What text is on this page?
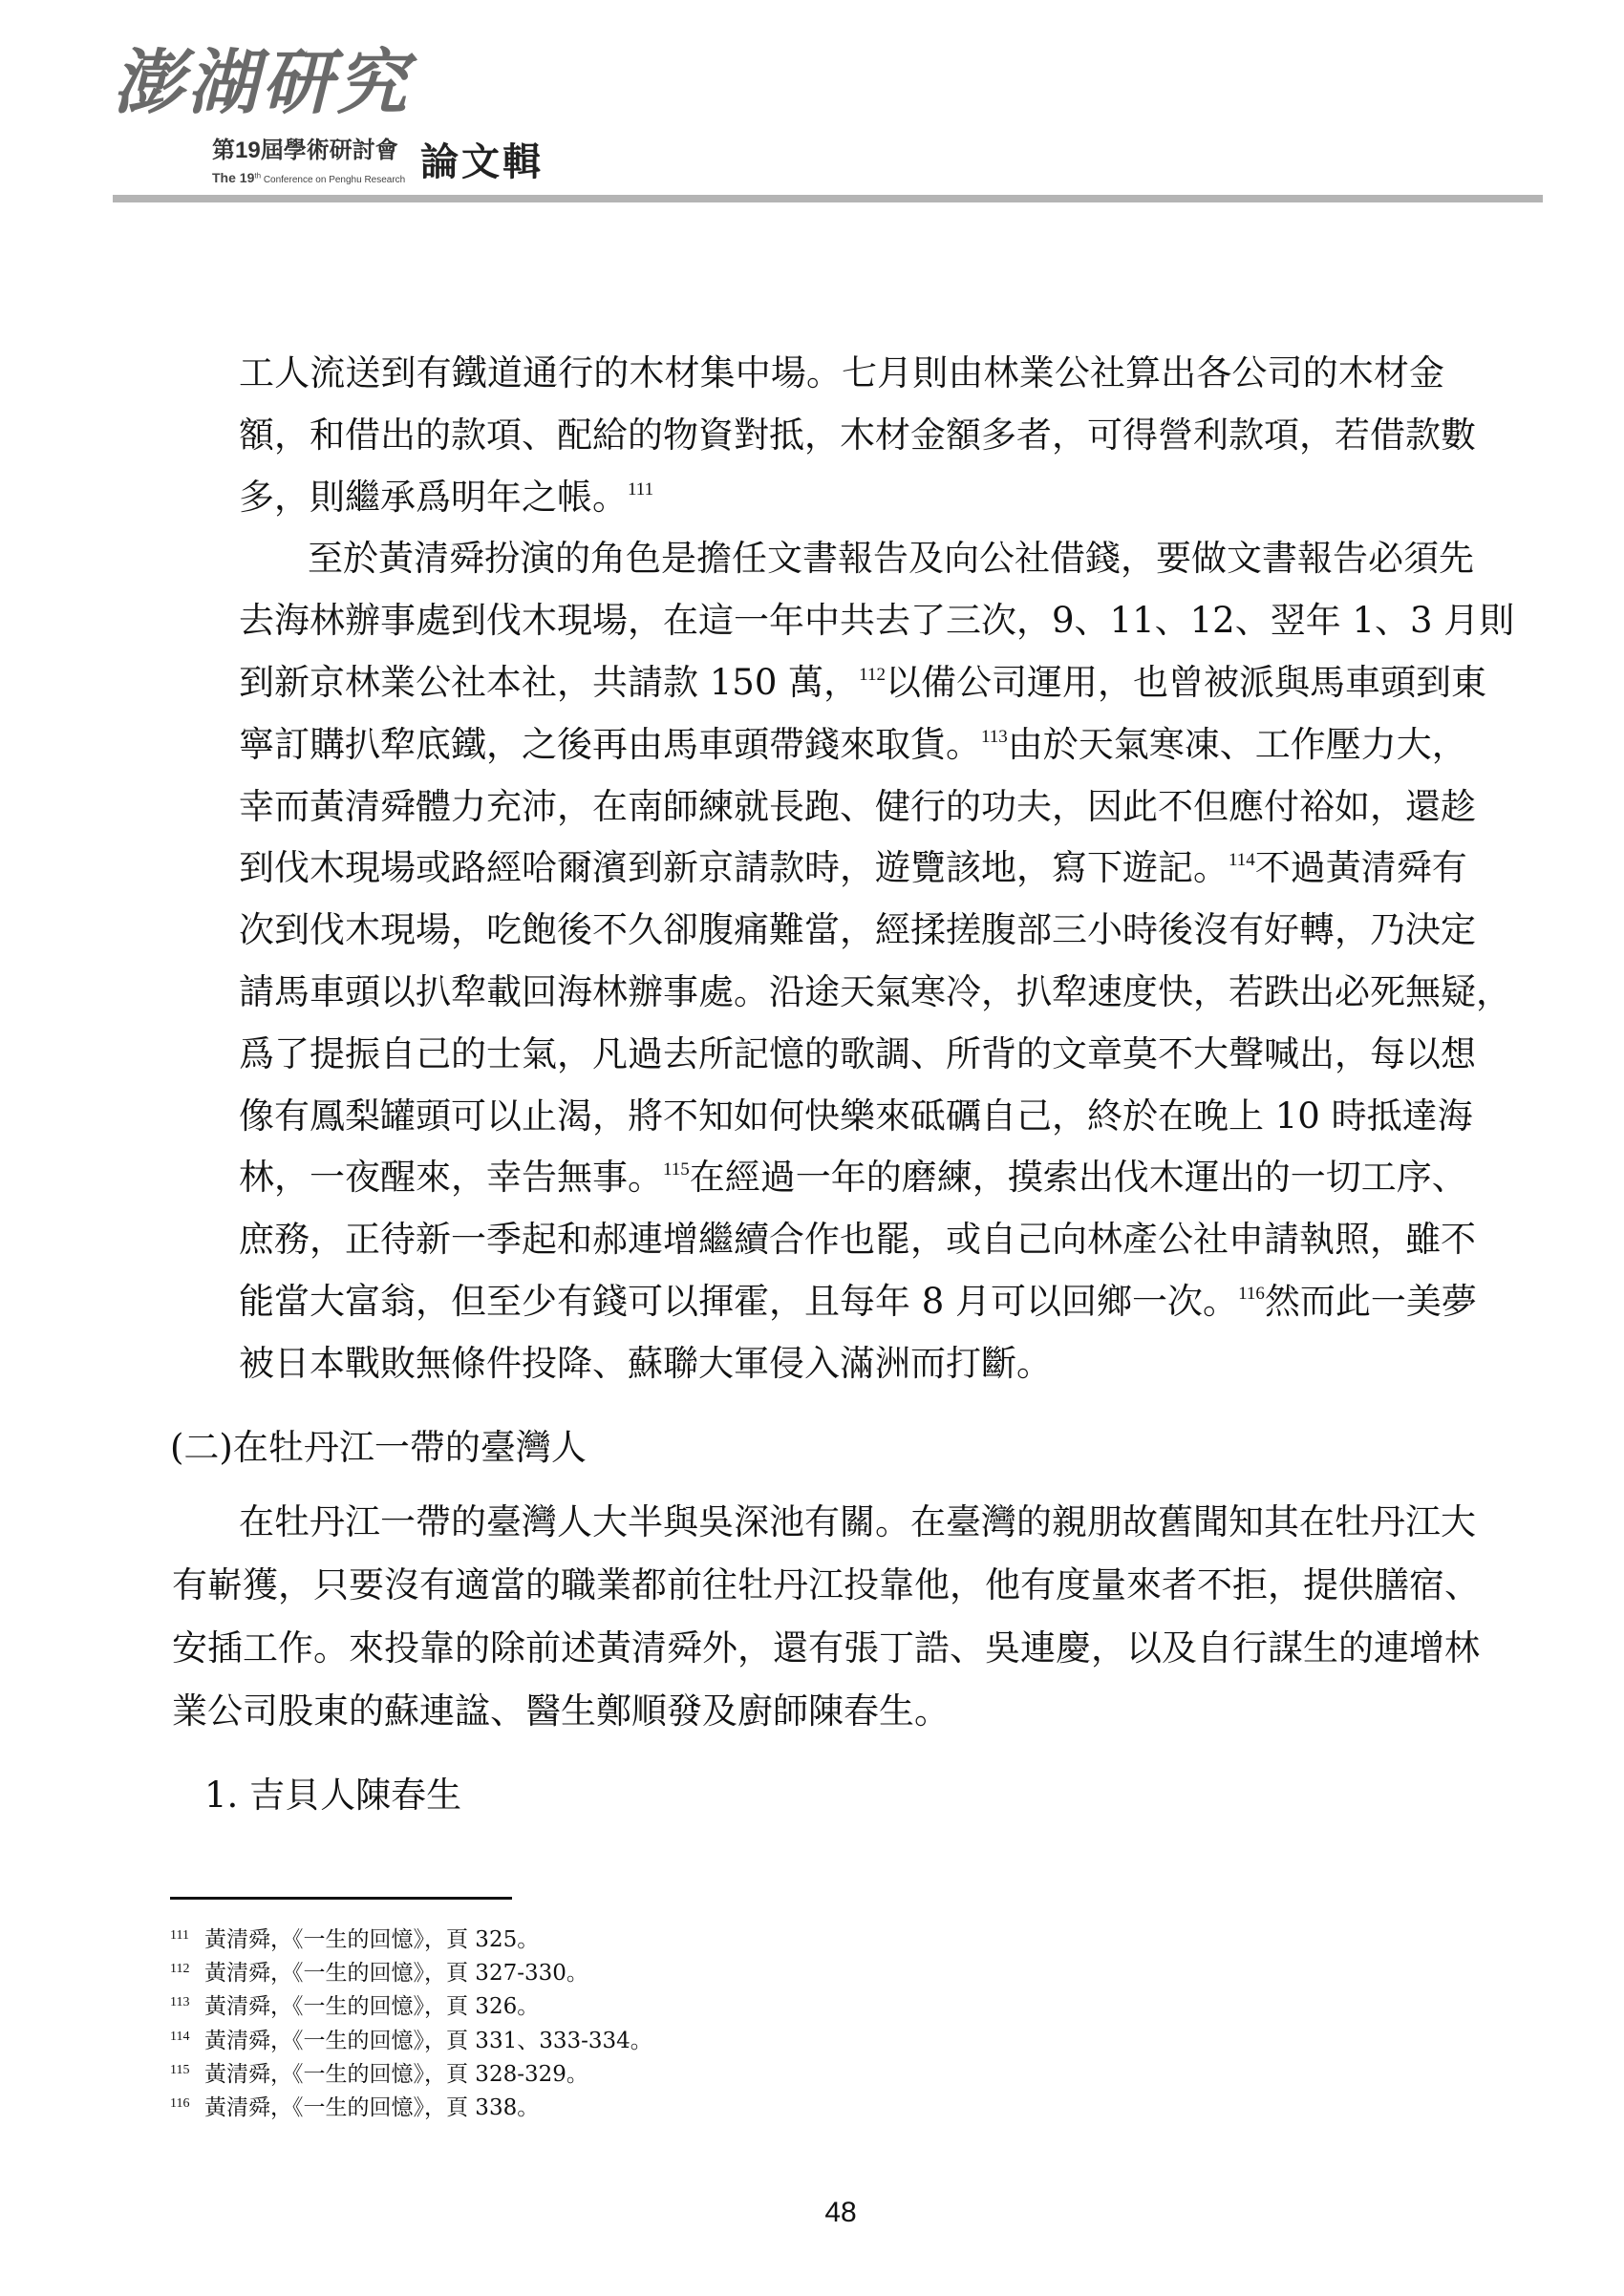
澎湖研究
第19屆學術研討會
The 19th Conference on Penghu Research 論文輯
工人流送到有鐵道通行的木材集中場。七月則由林業公社算出各公司的木材金
額，和借出的款項、配給的物資對抵，木材金額多者，可得營利款項，若借款數
多，則繼承爲明年之帳。$^{111}$
至於黃清舜扮演的角色是擔任文書報告及向公社借錢，要做文書報告必須先
去海林辦事處到伐木現場，在這一年中共去了三次，9、11、12、翌年 1、3 月則
到新京林業公社本社，共請款 150 萬，$^{112}$以備公司運用，也曾被派與馬車頭到東
寧訂購扒犂底鐵，之後再由馬車頭帶錢來取貨。$^{113}$由於天氣寒凍、工作壓力大，
幸而黃清舜體力充沛，在南師練就長跑、健行的功夫，因此不但應付裕如，還趁
到伐木現場或路經哈爾濱到新京請款時，遊覽該地，寫下遊記。$^{114}$不過黃清舜有
次到伐木現場，吃飽後不久卻腹痛難當，經揉搓腹部三小時後沒有好轉，乃決定
請馬車頭以扒犂載回海林辦事處。沿途天氣寒冷，扒犂速度快，若跌出必死無疑，
爲了提振自己的士氣，凡過去所記憶的歌調、所背的文章莫不大聲喊出，每以想
像有鳳梨罐頭可以止渴，將不知如何快樂來砥礪自己，終於在晚上 10 時抵達海
林，一夜醒來，幸告無事。$^{115}$在經過一年的磨練，摸索出伐木運出的一切工序、
庶務，正待新一季起和郝連增繼續合作也罷，或自己向林產公社申請執照，雖不
能當大富翁，但至少有錢可以揮霍，且每年 8 月可以回鄉一次。$^{116}$然而此一美夢
被日本戰敗無條件投降、蘇聯大軍侵入滿洲而打斷。
(二)在牡丹江一帶的臺灣人
在牡丹江一帶的臺灣人大半與吳深池有關。在臺灣的親朋故舊聞知其在牡丹江大
有嶄獲，只要沒有適當的職業都前往牡丹江投靠他，他有度量來者不拒，提供膳宿、
安插工作。來投靠的除前述黃清舜外，還有張丁誥、吳連慶，以及自行謀生的連增林
業公司股東的蘇連諡、醫生鄭順發及廚師陳春生。
1. 吉貝人陳春生
111 黃清舜，《一生的回憶》，頁 325。
112 黃清舜，《一生的回憶》，頁 327-330。
113 黃清舜，《一生的回憶》，頁 326。
114 黃清舜，《一生的回憶》，頁 331、333-334。
115 黃清舜，《一生的回憶》，頁 328-329。
116 黃清舜，《一生的回憶》，頁 338。
48
